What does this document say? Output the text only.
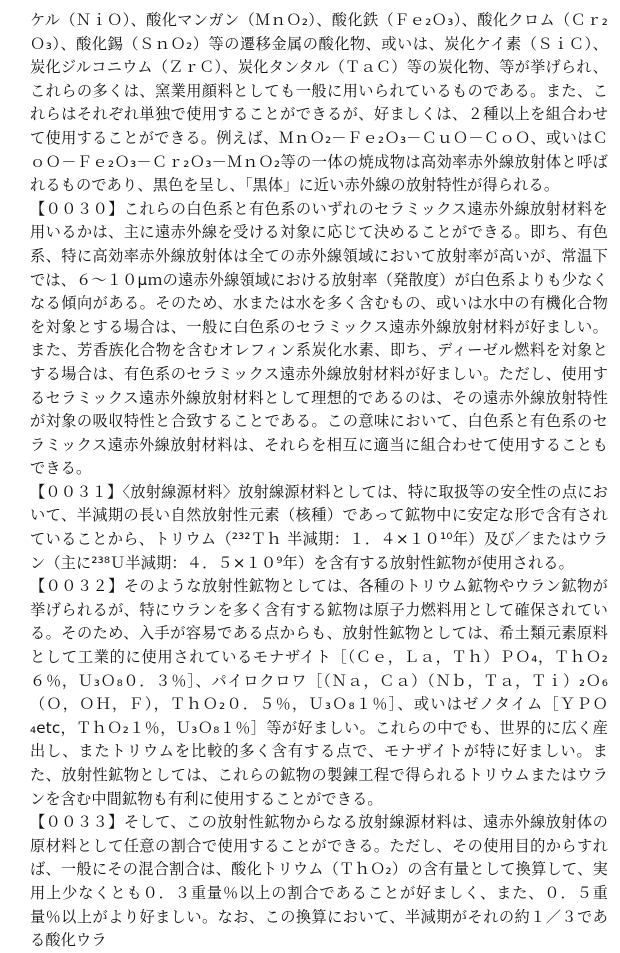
ケル（ＮｉＯ）、酸化マンガン（ＭｎＯ₂）、酸化鉄（Ｆｅ₂Ｏ₃）、酸化クロム（Ｃｒ₂Ｏ₃）、酸化錫（ＳｎＯ₂）等の遷移金属の酸化物、或いは、炭化ケイ素（ＳｉＣ）、炭化ジルコニウム（ＺｒＣ）、炭化タンタル（ＴａＣ）等の炭化物、等が挙げられ、これらの多くは、窯業用顔料としても一般に用いられているものである。また、これらはそれぞれ単独で使用することができるが、好ましくは、２種以上を組合わせて使用することができる。例えば、ＭｎＯ₂－Ｆｅ₂Ｏ₃－ＣｕＯ－ＣｏＯ、或いはＣｏＯ－Ｆｅ₂Ｏ₃－Ｃｒ₂Ｏ₃－ＭｎＯ₂等の一体の焼成物は高効率赤外線放射体と呼ばれるものであり、黒色を呈し、「黒体」に近い赤外線の放射特性が得られる。

【００３０】これらの白色系と有色系のいずれのセラミックス遠赤外線放射材料を用いるかは、主に遠赤外線を受ける対象に応じて決めることができる。即ち、有色系、特に高効率赤外線放射体は全ての赤外線領域において放射率が高いが、常温下では、６～１０μｍの遠赤外線領域における放射率（発散度）が白色系よりも少なくなる傾向がある。そのため、水または水を多く含むもの、或いは水中の有機化合物を対象とする場合は、一般に白色系のセラミックス遠赤外線放射材料が好ましい。また、芳香族化合物を含むオレフィン系炭化水素、即ち、ディーゼル燃料を対象とする場合は、有色系のセラミックス遠赤外線放射材料が好ましい。ただし、使用するセラミックス遠赤外線放射材料として理想的であるのは、その遠赤外線放射特性が対象の吸収特性と合致することである。この意味において、白色系と有色系のセラミックス遠赤外線放射材料は、それらを相互に適当に組合わせて使用することもできる。

【００３１】〈放射線源材料〉放射線源材料としては、特に取扱等の安全性の点において、半減期の長い自然放射性元素（核種）であって鉱物中に安定な形で含有されていることから、トリウム（²³²Ｔｈ 半減期：１．４×１０¹⁰年）及び／またはウラン（主に²³⁸Ｕ半減期：４．５×１０⁹年）を含有する放射性鉱物が使用される。

【００３２】そのような放射性鉱物としては、各種のトリウム鉱物やウラン鉱物が挙げられるが、特にウランを多く含有する鉱物は原子力燃料用として確保されている。そのため、入手が容易である点からも、放射性鉱物としては、希土類元素原料として工業的に使用されているモナザイト［（Ｃｅ，Ｌａ，Ｔｈ）ＰＯ₄，ＴｈＯ₂６％，Ｕ₃Ｏ₈０．３％］、パイロクロワ［（Ｎａ，Ｃａ）（Ｎｂ，Ｔａ，Ｔｉ）₂Ｏ₆（Ｏ，ＯＨ，Ｆ），ＴｈＯ₂０．５％，Ｕ₃Ｏ₈１％］、或いはゼノタイム［ＹＰＯ₄etc，ＴｈＯ₂１％，Ｕ₃Ｏ₈１％］等が好ましい。これらの中でも、世界的に広く産出し、またトリウムを比較的多く含有する点で、モナザイトが特に好ましい。また、放射性鉱物としては、これらの鉱物の製錬工程で得られるトリウムまたはウランを含む中間鉱物も有利に使用することができる。

【００３３】そして、この放射性鉱物からなる放射線源材料は、遠赤外線放射体の原材料として任意の割合で使用することができる。ただし、その使用目的からすれば、一般にその混合割合は、酸化トリウム（ＴｈＯ₂）の含有量として換算して、実用上少なくとも０．３重量％以上の割合であることが好ましく、また、０．５重量％以上がより好ましい。なお、この換算において、半減期がそれの約１／３である酸化ウラ
